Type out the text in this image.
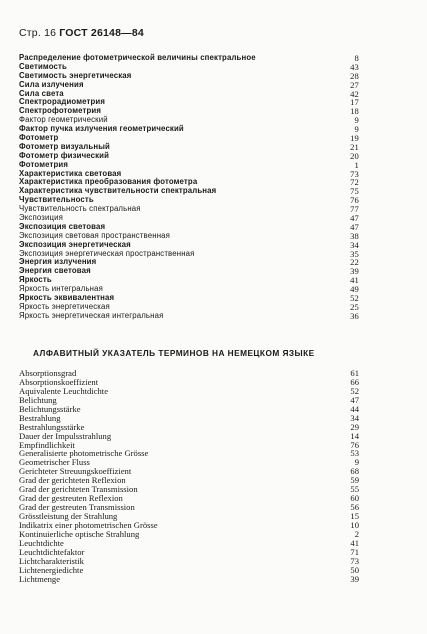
Стр. 16 ГОСТ 26148—84
Распределение фотометрической величины спектральное	8
Светимость	43
Светимость энергетическая	28
Сила излучения	27
Сила света	42
Спектрорадиометрия	17
Спектрофотометрия	18
Фактор геометрический	9
Фактор пучка излучения геометрический	9
Фотометр	19
Фотометр визуальный	21
Фотометр физический	20
Фотометрия	1
Характеристика световая	73
Характеристика преобразования фотометра	72
Характеристика чувствительности спектральная	75
Чувствительность	76
Чувствительность спектральная	77
Экспозиция	47
Экспозиция световая	47
Экспозиция световая пространственная	38
Экспозиция энергетическая	34
Экспозиция энергетическая пространственная	35
Энергия излучения	22
Энергия световая	39
Яркость	41
Яркость интегральная	49
Яркость эквивалентная	52
Яркость энергетическая	25
Яркость энергетическая интегральная	36
АЛФАВИТНЫЙ УКАЗАТЕЛЬ ТЕРМИНОВ НА НЕМЕЦКОМ ЯЗЫКЕ
Absorptionsgrad	61
Absorptionskoeffizient	66
Aquivalente Leuchtdichte	52
Belichtung	47
Belichtungsstärke	44
Bestrahlung	34
Bestrahlungsstärke	29
Dauer der Impulsstrahlung	14
Empfindlichkeit	76
Generalisierte photometrische Grösse	53
Geometrischer Fluss	9
Gerichteter Streuungskoeffizient	68
Grad der gerichteten Reflexion	59
Grad der gerichteten Transmission	55
Grad der gestreuten Reflexion	60
Grad der gestreuten Transmission	56
Grösstleistung der Strahlung	15
Indikatrix einer photometrischen Grösse	10
Kontinuierliche optische Strahlung	2
Leuchtdichte	41
Leuchtdichtefaktor	71
Lichtcharakteristik	73
Lichtenergiedichte	50
Lichtmenge	39
